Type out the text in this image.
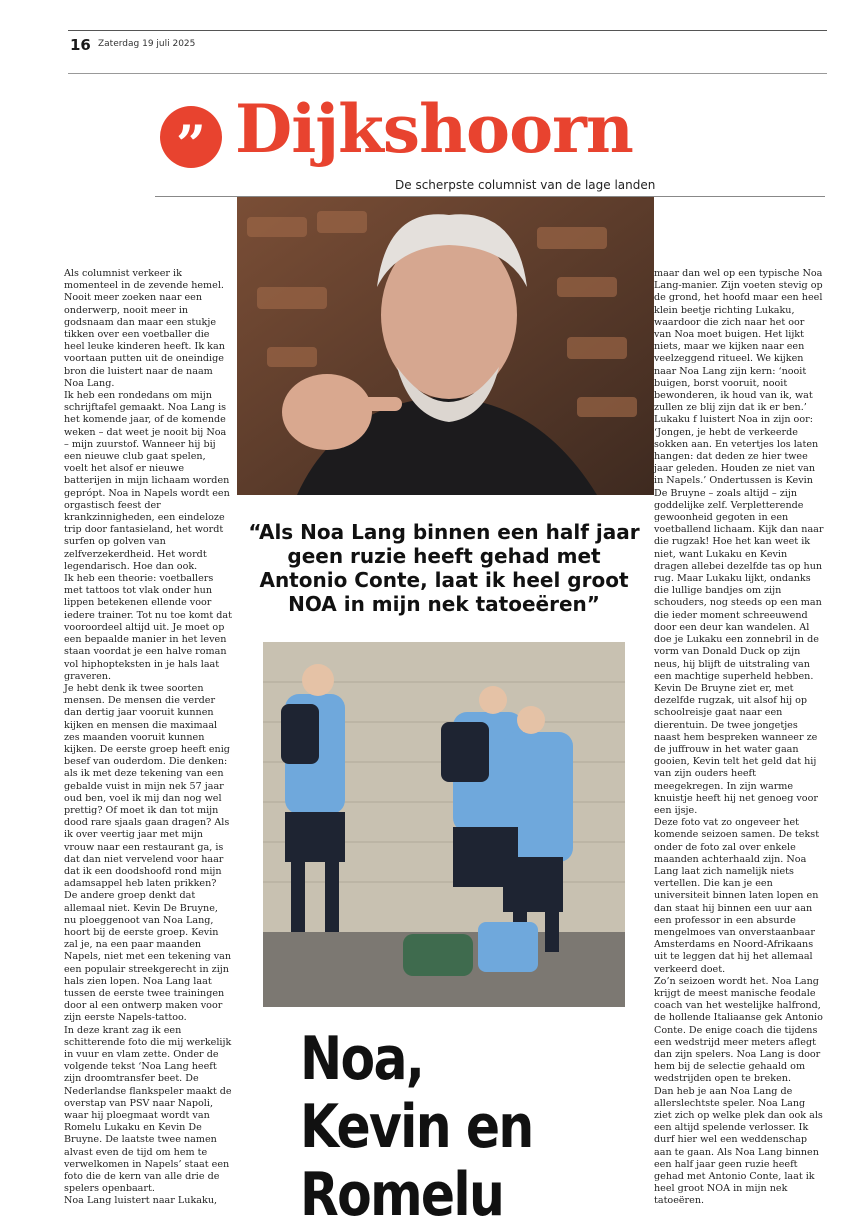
16 Zaterdag 19 juli 2025
” Dijkshoorn
De scherpste columnist van de lage landen
“Als Noa Lang binnen een half jaar geen ruzie heeft gehad met Antonio Conte, laat ik heel groot NOA in mijn nek tatoeëren”
Noa, Kevin en Romelu

Als columnist verkeer ik momenteel in de zevende hemel. Nooit meer zoeken naar een onderwerp, nooit meer in godsnaam dan maar een stukje tikken over een voetballer die heel leuke kinderen heeft. Ik kan voortaan putten uit de oneindige bron die luistert naar de naam Noa Lang.

Ik heb een rondedans om mijn schrijftafel gemaakt. Noa Lang is het komende jaar, of de komende weken – dat weet je nooit bij Noa – mijn zuurstof. Wanneer hij bij een nieuwe club gaat spelen, voelt het alsof er nieuwe batterijen in mijn lichaam worden geprópt. Noa in Napels wordt een orgastisch feest der krankzinnigheden, een eindeloze trip door fantasieland, het wordt surfen op golven van zelfverzekerdheid. Het wordt legendarisch. Hoe dan ook.

Ik heb een theorie: voetballers met tattoos tot vlak onder hun lippen betekenen ellende voor iedere trainer. Tot nu toe komt dat vooroordeel altijd uit. Je moet op een bepaalde manier in het leven staan voordat je een halve roman vol hiphopteksten in je hals laat graveren.

Je hebt denk ik twee soorten mensen. De mensen die verder dan dertig jaar vooruit kunnen kijken en mensen die maximaal zes maanden vooruit kunnen kijken. De eerste groep heeft enig besef van ouderdom. Die denken: als ik met deze tekening van een gebalde vuist in mijn nek 57 jaar oud ben, voel ik mij dan nog wel prettig? Of moet ik dan tot mijn dood rare sjaals gaan dragen? Als ik over veertig jaar met mijn vrouw naar een restaurant ga, is dat dan niet vervelend voor haar dat ik een doodshoofd rond mijn adamsappel heb laten prikken?

De andere groep denkt dat allemaal niet. Kevin De Bruyne, nu ploeggenoot van Noa Lang, hoort bij de eerste groep. Kevin zal je, na een paar maanden Napels, niet met een tekening van een populair streekgerecht in zijn hals zien lopen. Noa Lang laat tussen de eerste twee trainingen door al een ontwerp maken voor zijn eerste Napels-tattoo.

In deze krant zag ik een schitterende foto die mij werkelijk in vuur en vlam zette. Onder de volgende tekst ‘Noa Lang heeft zijn droomtransfer beet. De Nederlandse flankspeler maakt de overstap van PSV naar Napoli, waar hij ploegmaat wordt van Romelu Lukaku en Kevin De Bruyne. De laatste twee namen alvast even de tijd om hem te verwelkomen in Napels’ staat een foto die de kern van alle drie de spelers openbaart.

Noa Lang luistert naar Lukaku,

maar dan wel op een typische Noa Lang-manier. Zijn voeten stevig op de grond, het hoofd maar een heel klein beetje richting Lukaku, waardoor die zich naar het oor van Noa moet buigen. Het lijkt niets, maar we kijken naar een veelzeggend ritueel. We kijken naar Noa Lang zijn kern: ‘nooit buigen, borst vooruit, nooit bewonderen, ik houd van ik, wat zullen ze blij zijn dat ik er ben.’

Lukaku f luistert Noa in zijn oor: ‘Jongen, je hebt de verkeerde sokken aan. En vetertjes los laten hangen: dat deden ze hier twee jaar geleden. Houden ze niet van in Napels.’ Ondertussen is Kevin De Bruyne – zoals altijd – zijn goddelijke zelf. Verpletterende gewoonheid gegoten in een voetballend lichaam. Kijk dan naar die rugzak! Hoe het kan weet ik niet, want Lukaku en Kevin dragen allebei dezelfde tas op hun rug. Maar Lukaku lijkt, ondanks die lullige bandjes om zijn schouders, nog steeds op een man die ieder moment schreeuwend door een deur kan wandelen. Al doe je Lukaku een zonnebril in de vorm van Donald Duck op zijn neus, hij blijft de uitstraling van een machtige superheld hebben.

Kevin De Bruyne ziet er, met dezelfde rugzak, uit alsof hij op schoolreisje gaat naar een dierentuin. De twee jongetjes naast hem bespreken wanneer ze de juffrouw in het water gaan gooien, Kevin telt het geld dat hij van zijn ouders heeft meegekregen. In zijn warme knuistje heeft hij net genoeg voor een ijsje.

Deze foto vat zo ongeveer het komende seizoen samen. De tekst onder de foto zal over enkele maanden achterhaald zijn. Noa Lang laat zich namelijk niets vertellen. Die kan je een universiteit binnen laten lopen en dan staat hij binnen een uur aan een professor in een absurde mengelmoes van onverstaanbaar Amsterdams en Noord-Afrikaans uit te leggen dat hij het allemaal verkeerd doet.

Zo’n seizoen wordt het. Noa Lang krijgt de meest manische feodale coach van het westelijke halfrond, de hollende Italiaanse gek Antonio Conte. De enige coach die tijdens een wedstrijd meer meters aflegt dan zijn spelers. Noa Lang is door hem bij de selectie gehaald om wedstrijden open te breken.

Dan heb je aan Noa Lang de allerslechtste speler. Noa Lang ziet zich op welke plek dan ook als een altijd spelende verlosser. Ik durf hier wel een weddenschap aan te gaan. Als Noa Lang binnen een half jaar geen ruzie heeft gehad met Antonio Conte, laat ik heel groot NOA in mijn nek tatoeëren.
